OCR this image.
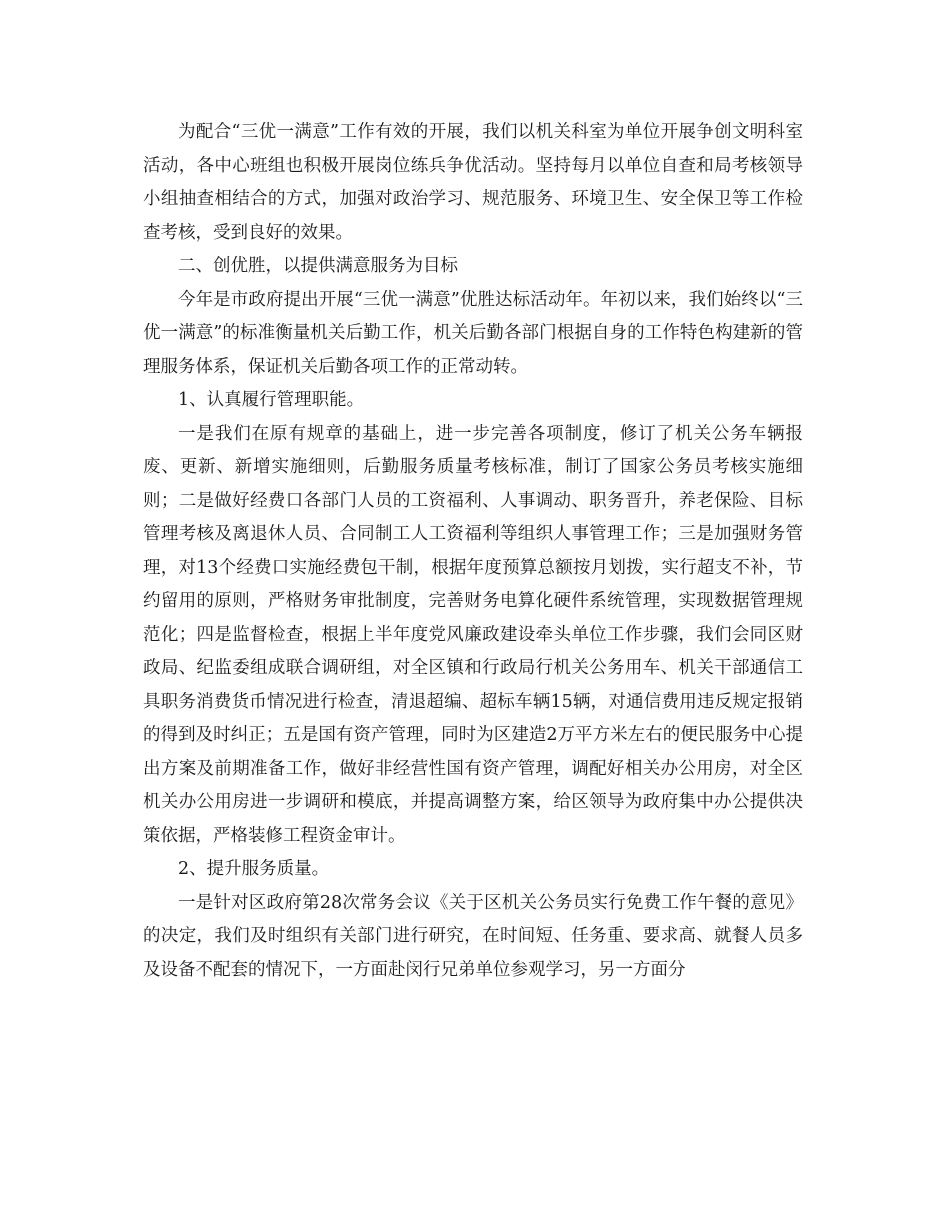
为配合“三优一满意”工作有效的开展，我们以机关科室为单位开展争创文明科室活动，各中心班组也积极开展岗位练兵争优活动。坚持每月以单位自查和局考核领导小组抽查相结合的方式，加强对政治学习、规范服务、环境卫生、安全保卫等工作检查考核，受到良好的效果。

二、创优胜，以提供满意服务为目标

今年是市政府提出开展“三优一满意”优胜达标活动年。年初以来，我们始终以“三优一满意”的标准衡量机关后勤工作，机关后勤各部门根据自身的工作特色构建新的管理服务体系，保证机关后勤各项工作的正常动转。

1、认真履行管理职能。

一是我们在原有规章的基础上，进一步完善各项制度，修订了机关公务车辆报废、更新、新增实施细则，后勤服务质量考核标准，制订了国家公务员考核实施细则；二是做好经费口各部门人员的工资福利、人事调动、职务晋升，养老保险、目标管理考核及离退休人员、合同制工人工资福利等组织人事管理工作；三是加强财务管理，对13个经费口实施经费包干制，根据年度预算总额按月划拨，实行超支不补，节约留用的原则，严格财务审批制度，完善财务电算化硬件系统管理，实现数据管理规范化；四是监督检查，根据上半年度党风廉政建设牵头单位工作步骤，我们会同区财政局、纪监委组成联合调研组，对全区镇和行政局行机关公务用车、机关干部通信工具职务消费货币情况进行检查，清退超编、超标车辆15辆，对通信费用违反规定报销的得到及时纠正；五是国有资产管理，同时为区建造2万平方米左右的便民服务中心提出方案及前期准备工作，做好非经营性国有资产管理，调配好相关办公用房，对全区机关办公用房进一步调研和模底，并提高调整方案，给区领导为政府集中办公提供决策依据，严格装修工程资金审计。

2、提升服务质量。

一是针对区政府第28次常务会议《关于区机关公务员实行免费工作午餐的意见》的决定，我们及时组织有关部门进行研究，在时间短、任务重、要求高、就餐人员多及设备不配套的情况下，一方面赴闵行兄弟单位参观学习，另一方面分
